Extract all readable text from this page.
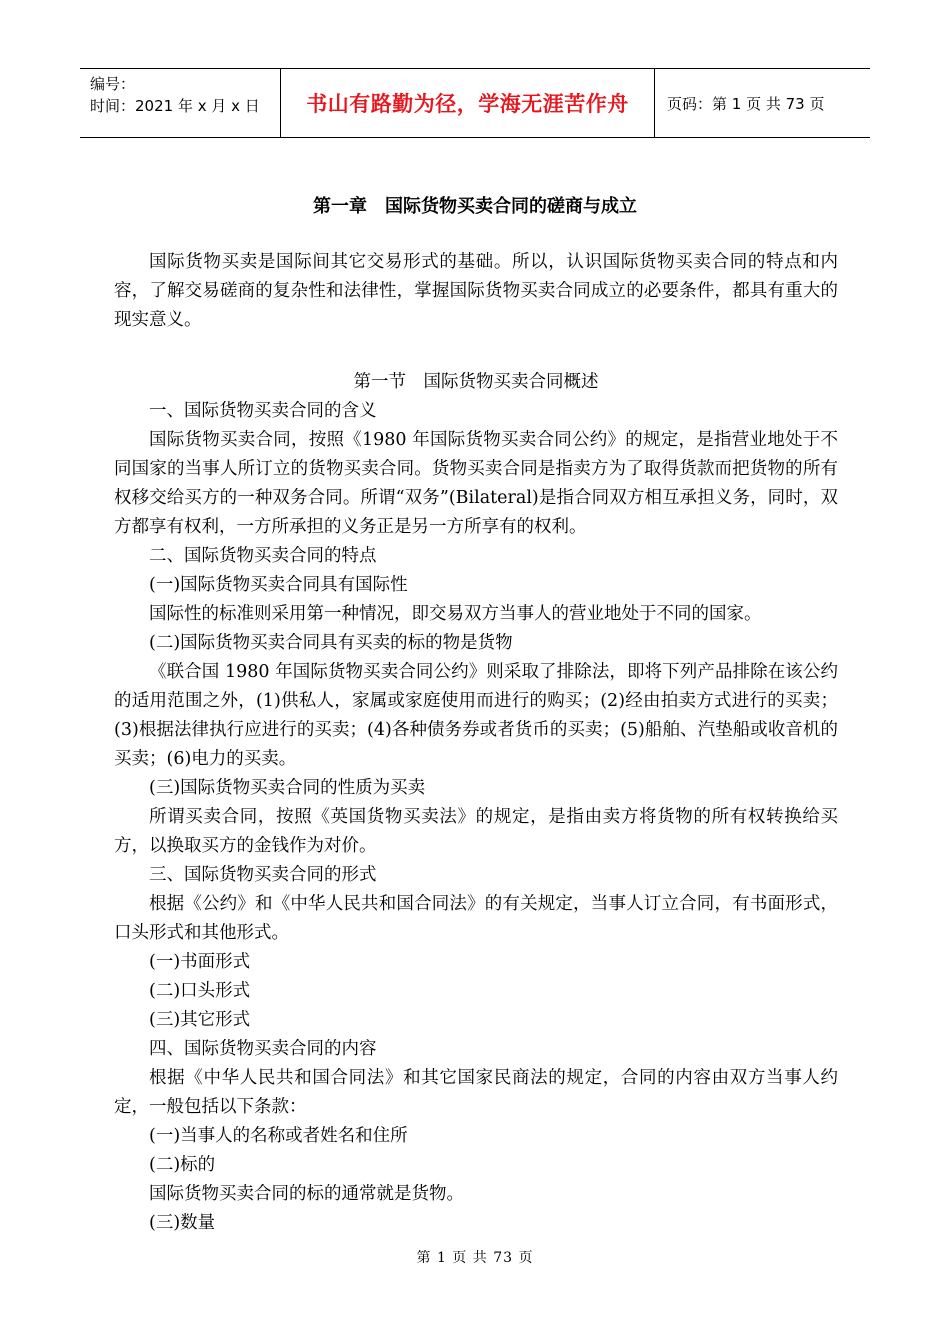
编号：
时间：2021 年 x 月 x 日	书山有路勤为径，学海无涯苦作舟	页码：第 1 页 共 73 页
第一章　国际货物买卖合同的磋商与成立

国际货物买卖是国际间其它交易形式的基础。所以，认识国际货物买卖合同的特点和内容，了解交易磋商的复杂性和法律性，掌握国际货物买卖合同成立的必要条件，都具有重大的现实意义。

第一节　国际货物买卖合同概述

一、国际货物买卖合同的含义

国际货物买卖合同，按照《1980 年国际货物买卖合同公约》的规定，是指营业地处于不同国家的当事人所订立的货物买卖合同。货物买卖合同是指卖方为了取得货款而把货物的所有权移交给买方的一种双务合同。所谓“双务”(Bilateral)是指合同双方相互承担义务，同时，双方都享有权利，一方所承担的义务正是另一方所享有的权利。

二、国际货物买卖合同的特点

(一)国际货物买卖合同具有国际性

国际性的标准则采用第一种情况，即交易双方当事人的营业地处于不同的国家。

(二)国际货物买卖合同具有买卖的标的物是货物

《联合国 1980 年国际货物买卖合同公约》则采取了排除法，即将下列产品排除在该公约的适用范围之外，(1)供私人，家属或家庭使用而进行的购买；(2)经由拍卖方式进行的买卖；(3)根据法律执行应进行的买卖；(4)各种债务券或者货币的买卖；(5)船舶、汽垫船或收音机的买卖；(6)电力的买卖。

(三)国际货物买卖合同的性质为买卖

所谓买卖合同，按照《英国货物买卖法》的规定，是指由卖方将货物的所有权转换给买方，以换取买方的金钱作为对价。

三、国际货物买卖合同的形式

根据《公约》和《中华人民共和国合同法》的有关规定，当事人订立合同，有书面形式，口头形式和其他形式。

(一)书面形式

(二)口头形式

(三)其它形式

四、国际货物买卖合同的内容

根据《中华人民共和国合同法》和其它国家民商法的规定，合同的内容由双方当事人约定，一般包括以下条款：

(一)当事人的名称或者姓名和住所

(二)标的

国际货物买卖合同的标的通常就是货物。

(三)数量

第 1 页 共 73 页
